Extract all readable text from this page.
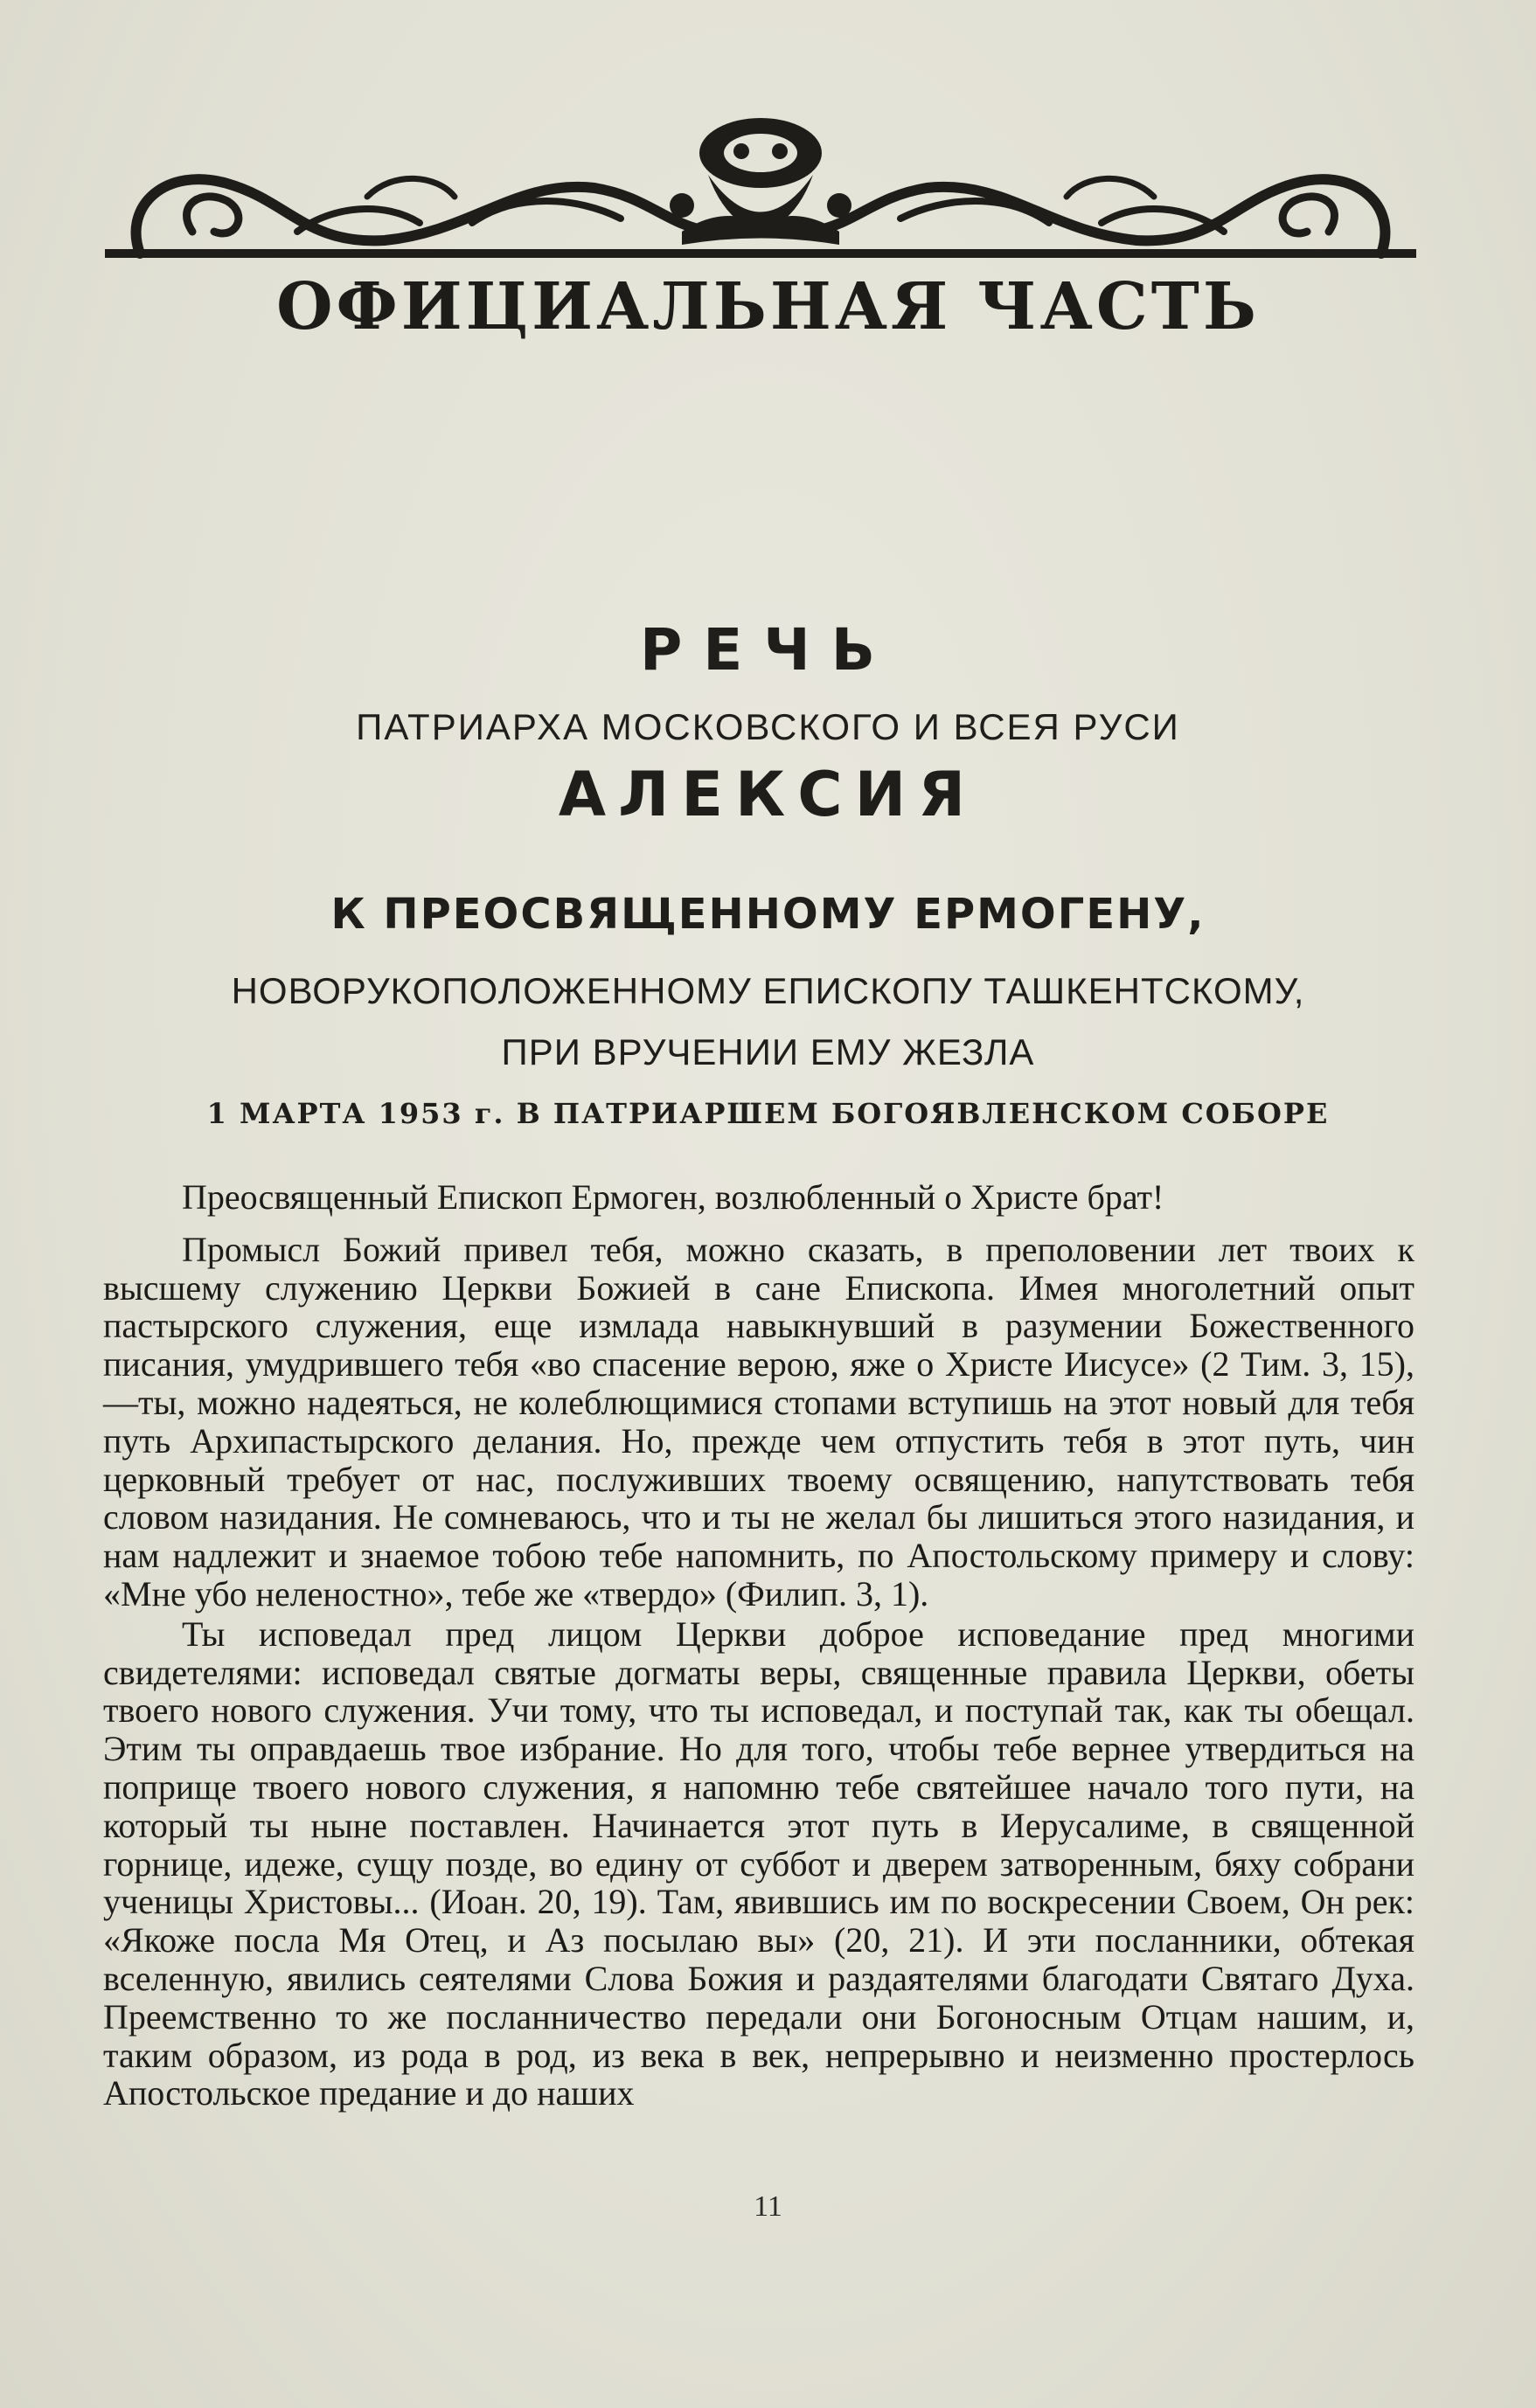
ОФИЦИАЛЬНАЯ ЧАСТЬ
РЕЧЬ
ПАТРИАРХА МОСКОВСКОГО И ВСЕЯ РУСИ
АЛЕКСИЯ
К ПРЕОСВЯЩЕННОМУ ЕРМОГЕНУ,
НОВОРУКОПОЛОЖЕННОМУ ЕПИСКОПУ ТАШКЕНТСКОМУ,
ПРИ ВРУЧЕНИИ ЕМУ ЖЕЗЛА
1 МАРТА 1953 г. В ПАТРИАРШЕМ БОГОЯВЛЕНСКОМ СОБОРЕ

Преосвященный Епископ Ермоген, возлюбленный о Христе брат!

Промысл Божий привел тебя, можно сказать, в преполовении лет твоих к высшему служению Церкви Божией в сане Епископа. Имея многолетний опыт пастырского служения, еще измлада навыкнувший в разумении Божественного писания, умудрившего тебя «во спасение верою, яже о Христе Иисусе» (2 Тим. 3, 15),—ты, можно надеяться, не колеблющимися стопами вступишь на этот новый для тебя путь Архипастырского делания. Но, прежде чем отпустить тебя в этот путь, чин церковный требует от нас, послуживших твоему освящению, напутствовать тебя словом назидания. Не сомневаюсь, что и ты не желал бы лишиться этого назидания, и нам надлежит и знаемое тобою тебе напомнить, по Апостольскому примеру и слову: «Мне убо неленостно», тебе же «твердо» (Филип. 3, 1).

Ты исповедал пред лицом Церкви доброе исповедание пред многими свидетелями: исповедал святые догматы веры, священные правила Церкви, обеты твоего нового служения. Учи тому, что ты исповедал, и поступай так, как ты обещал. Этим ты оправдаешь твое избрание. Но для того, чтобы тебе вернее утвердиться на поприще твоего нового служения, я напомню тебе святейшее начало того пути, на который ты ныне поставлен. Начинается этот путь в Иерусалиме, в священной горнице, идеже, сущу позде, во едину от суббот и дверем затворенным, бяху собрани ученицы Христовы... (Иоан. 20, 19). Там, явившись им по воскресении Своем, Он рек: «Якоже посла Мя Отец, и Аз посылаю вы» (20, 21). И эти посланники, обтекая вселенную, явились сеятелями Слова Божия и раздаятелями благодати Святаго Духа. Преемственно то же посланничество передали они Богоносным Отцам нашим, и, таким образом, из рода в род, из века в век, непрерывно и неизменно простерлось Апостольское предание и до наших

11
